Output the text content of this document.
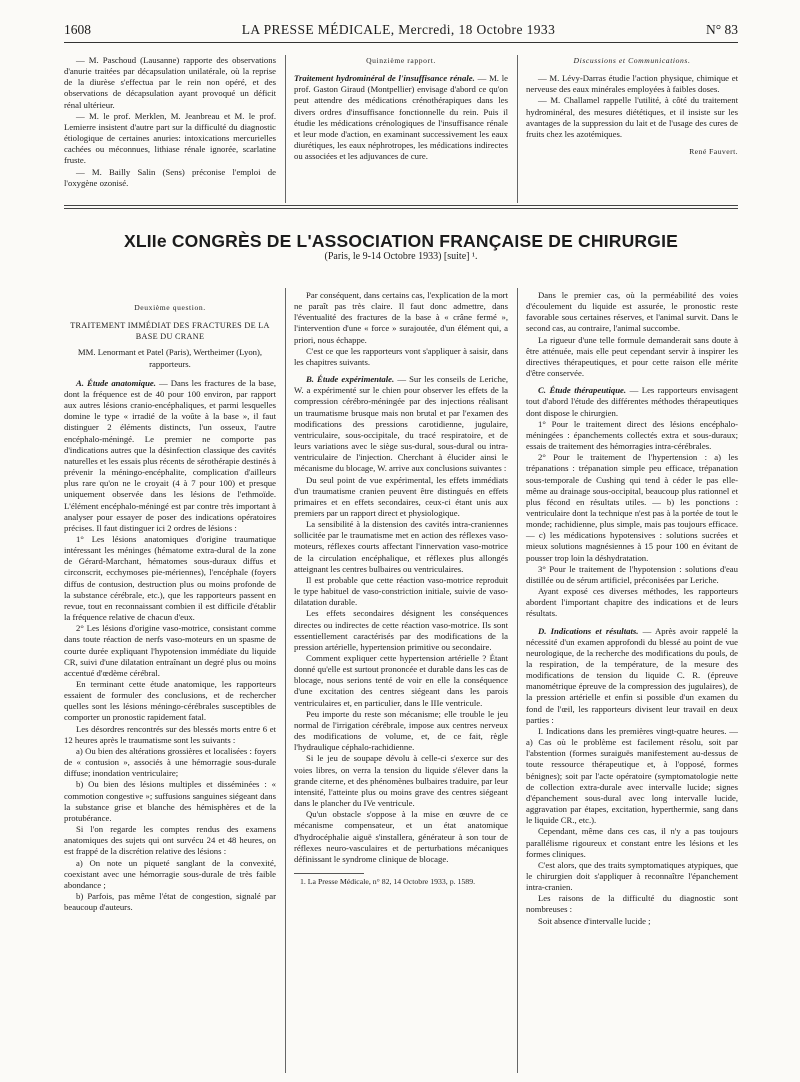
1608	LA PRESSE MÉDICALE, Mercredi, 18 Octobre 1933	N° 83

— M. Paschoud (Lausanne) rapporte des observations d'anurie traitées par décapsulation unilatérale, où la reprise de la diurèse s'effectua par le rein non opéré, et des observations de décapsulation ayant provoqué un déficit rénal ultérieur.

— M. le prof. Merklen, M. Jeanbreau et M. le prof. Lemierre insistent d'autre part sur la difficulté du diagnostic étiologique de certaines anuries: intoxications mercurielles cachées ou méconnues, lithiase rénale ignorée, scarlatine fruste.

— M. Bailly Salin (Sens) préconise l'emploi de l'oxygène ozonisé.

Quinzième rapport.

Traitement hydrominéral de l'insuffisance rénale. — M. le prof. Gaston Giraud (Montpellier) envisage d'abord ce qu'on peut attendre des médications crénothérapiques dans les divers ordres d'insuffisance fonctionnelle du rein. Puis il étudie les médications crénologiques de l'insuffisance rénale et leur mode d'action, en examinant successivement les eaux diurétiques, les eaux néphrotropes, les médications indirectes ou associées et les adjuvances de cure.

Discussions et Communications.

— M. Lévy-Darras étudie l'action physique, chimique et nerveuse des eaux minérales employées à faibles doses.

— M. Challamel rappelle l'utilité, à côté du traitement hydrominéral, des mesures diététiques, et il insiste sur les avantages de la suppression du lait et de l'usage des cures de fruits chez les azotémiques.

René Fauvert.

XLIIe CONGRÈS DE L'ASSOCIATION FRANÇAISE DE CHIRURGIE
(Paris, le 9-14 Octobre 1933) [suite] ¹.

Deuxième question.

TRAITEMENT IMMÉDIAT DES FRACTURES DE LA BASE DU CRANE

MM. Lenormant et Patel (Paris), Wertheimer (Lyon), rapporteurs.

A. Étude anatomique. — Dans les fractures de la base, dont la fréquence est de 40 pour 100 environ, par rapport aux autres lésions cranio-encéphaliques, et parmi lesquelles domine le type « irradié de la voûte à la base », il faut distinguer 2 éléments distincts, l'un osseux, l'autre encéphalo-méningé. Le premier ne comporte pas d'indications autres que la désinfection classique des cavités naturelles et les essais plus récents de sérothérapie destinés à prévenir la méningo-encéphalite, complication d'ailleurs plus rare qu'on ne le croyait (4 à 7 pour 100) et presque uniquement observée dans les lésions de l'ethmoïde. L'élément encéphalo-méningé est par contre très important à analyser pour essayer de poser des indications opératoires précises. Il faut distinguer ici 2 ordres de lésions :

1° Les lésions anatomiques d'origine traumatique intéressant les méninges (hématome extra-dural de la zone de Gérard-Marchant, hématomes sous-duraux diffus et circonscrit, ecchymoses pie-mériennes), l'encéphale (foyers diffus de contusion, destruction plus ou moins profonde de la substance cérébrale, etc.), que les rapporteurs passent en revue, tout en reconnaissant combien il est difficile d'établir la fréquence relative de chacun d'eux.

2° Les lésions d'origine vaso-motrice, consistant comme dans toute réaction de nerfs vaso-moteurs en un spasme de courte durée expliquant l'hypotension immédiate du liquide CR, suivi d'une dilatation entraînant un degré plus ou moins accentué d'œdème cérébral.

En terminant cette étude anatomique, les rapporteurs essaient de formuler des conclusions, et de rechercher quelles sont les lésions méningo-cérébrales susceptibles de comporter un pronostic rapidement fatal.

Les désordres rencontrés sur des blessés morts entre 6 et 12 heures après le traumatisme sont les suivants :

a) Ou bien des altérations grossières et localisées : foyers de « contusion », associés à une hémorragie sous-durale diffuse; inondation ventriculaire;

b) Ou bien des lésions multiples et disséminées : « commotion congestive »; suffusions sanguines siégeant dans la substance grise et blanche des hémisphères et de la protubérance.

Si l'on regarde les comptes rendus des examens anatomiques des sujets qui ont survécu 24 et 48 heures, on est frappé de la discrétion relative des lésions :

a) On note un piqueté sanglant de la convexité, coexistant avec une hémorragie sous-durale de très faible abondance ;

b) Parfois, pas même l'état de congestion, signalé par beaucoup d'auteurs.

Par conséquent, dans certains cas, l'explication de la mort ne paraît pas très claire. Il faut donc admettre, dans l'éventualité des fractures de la base à « crâne fermé », l'intervention d'une « force » surajoutée, d'un élément qui, a priori, nous échappe.

C'est ce que les rapporteurs vont s'appliquer à saisir, dans les chapitres suivants.

B. Étude expérimentale. — Sur les conseils de Leriche, W. a expérimenté sur le chien pour observer les effets de la compression cérébro-méningée par des injections réalisant un traumatisme brusque mais non brutal et par l'examen des modifications des pressions carotidienne, jugulaire, ventriculaire, sous-occipitale, du tracé respiratoire, et de leurs variations avec le siège sus-dural, sous-dural ou intra-ventriculaire de l'injection. Cherchant à élucider ainsi le mécanisme du blocage, W. arrive aux conclusions suivantes :

Du seul point de vue expérimental, les effets immédiats d'un traumatisme cranien peuvent être distingués en effets primaires et en effets secondaires, ceux-ci étant unis aux premiers par un rapport direct et physiologique.

La sensibilité à la distension des cavités intra-craniennes sollicitée par le traumatisme met en action des réflexes vaso-moteurs, réflexes courts affectant l'innervation vaso-motrice de la circulation encéphalique, et réflexes plus allongés atteignant les centres bulbaires ou ventriculaires.

Il est probable que cette réaction vaso-motrice reproduit le type habituel de vaso-constriction initiale, suivie de vaso-dilatation durable.

Les effets secondaires désignent les conséquences directes ou indirectes de cette réaction vaso-motrice. Ils sont essentiellement caractérisés par des modifications de la pression artérielle, hypertension primitive ou secondaire.

Comment expliquer cette hypertension artérielle ? Étant donné qu'elle est surtout prononcée et durable dans les cas de blocage, nous serions tenté de voir en elle la conséquence d'une excitation des centres siégeant dans les parois ventriculaires et, en particulier, dans le IIIe ventricule.

Peu importe du reste son mécanisme; elle trouble le jeu normal de l'irrigation cérébrale, impose aux centres nerveux des modifications de volume, et, de ce fait, règle l'hydraulique céphalo-rachidienne.

Si le jeu de soupape dévolu à celle-ci s'exerce sur des voies libres, on verra la tension du liquide s'élever dans la grande citerne, et des phénomènes bulbaires traduire, par leur intensité, l'atteinte plus ou moins grave des centres siégeant dans le plancher du IVe ventricule.

Qu'un obstacle s'oppose à la mise en œuvre de ce mécanisme compensateur, et un état anatomique d'hydrocéphalie aiguë s'installera, générateur à son tour de réflexes neuro-vasculaires et de perturbations mécaniques définissant le syndrome clinique de blocage.

1. La Presse Médicale, n° 82, 14 Octobre 1933, p. 1589.

Dans le premier cas, où la perméabilité des voies d'écoulement du liquide est assurée, le pronostic reste favorable sous certaines réserves, et l'animal survit. Dans le second cas, au contraire, l'animal succombe.

La rigueur d'une telle formule demanderait sans doute à être atténuée, mais elle peut cependant servir à inspirer les directives thérapeutiques, et pour cette raison elle mérite d'être conservée.

C. Étude thérapeutique. — Les rapporteurs envisagent tout d'abord l'étude des différentes méthodes thérapeutiques dont dispose le chirurgien.

1° Pour le traitement direct des lésions encéphalo-méningées : épanchements collectés extra et sous-duraux; essais de traitement des hémorragies intra-cérébrales.

2° Pour le traitement de l'hypertension : a) les trépanations : trépanation simple peu efficace, trépanation sous-temporale de Cushing qui tend à céder le pas elle-même au drainage sous-occipital, beaucoup plus rationnel et plus fécond en résultats utiles. — b) les ponctions : ventriculaire dont la technique n'est pas à la portée de tout le monde; rachidienne, plus simple, mais pas toujours efficace. — c) les médications hypotensives : solutions sucrées et mieux solutions magnésiennes à 15 pour 100 en évitant de pousser trop loin la déshydratation.

3° Pour le traitement de l'hypotension : solutions d'eau distillée ou de sérum artificiel, préconisées par Leriche.

Ayant exposé ces diverses méthodes, les rapporteurs abordent l'important chapitre des indications et de leurs résultats.

D. Indications et résultats. — Après avoir rappelé la nécessité d'un examen approfondi du blessé au point de vue neurologique, de la recherche des modifications du pouls, de la respiration, de la température, de la mesure des modifications de tension du liquide C. R. (épreuve manométrique épreuve de la compression des jugulaires), de la pression artérielle et enfin si possible d'un examen du fond de l'œil, les rapporteurs divisent leur travail en deux parties :

I. Indications dans les premières vingt-quatre heures. — a) Cas où le problème est facilement résolu, soit par l'abstention (formes suraiguës manifestement au-dessus de toute ressource thérapeutique et, à l'opposé, formes bénignes); soit par l'acte opératoire (symptomatologie nette de collection extra-durale avec intervalle lucide; signes d'épanchement sous-dural avec long intervalle lucide, aggravation par étapes, excitation, hyperthermie, sang dans le liquide CR., etc.).

Cependant, même dans ces cas, il n'y a pas toujours parallélisme rigoureux et constant entre les lésions et les formes cliniques.

C'est alors, que des traits symptomatiques atypiques, que le chirurgien doit s'appliquer à reconnaître l'épanchement intra-cranien.

Les raisons de la difficulté du diagnostic sont nombreuses :

Soit absence d'intervalle lucide ;
